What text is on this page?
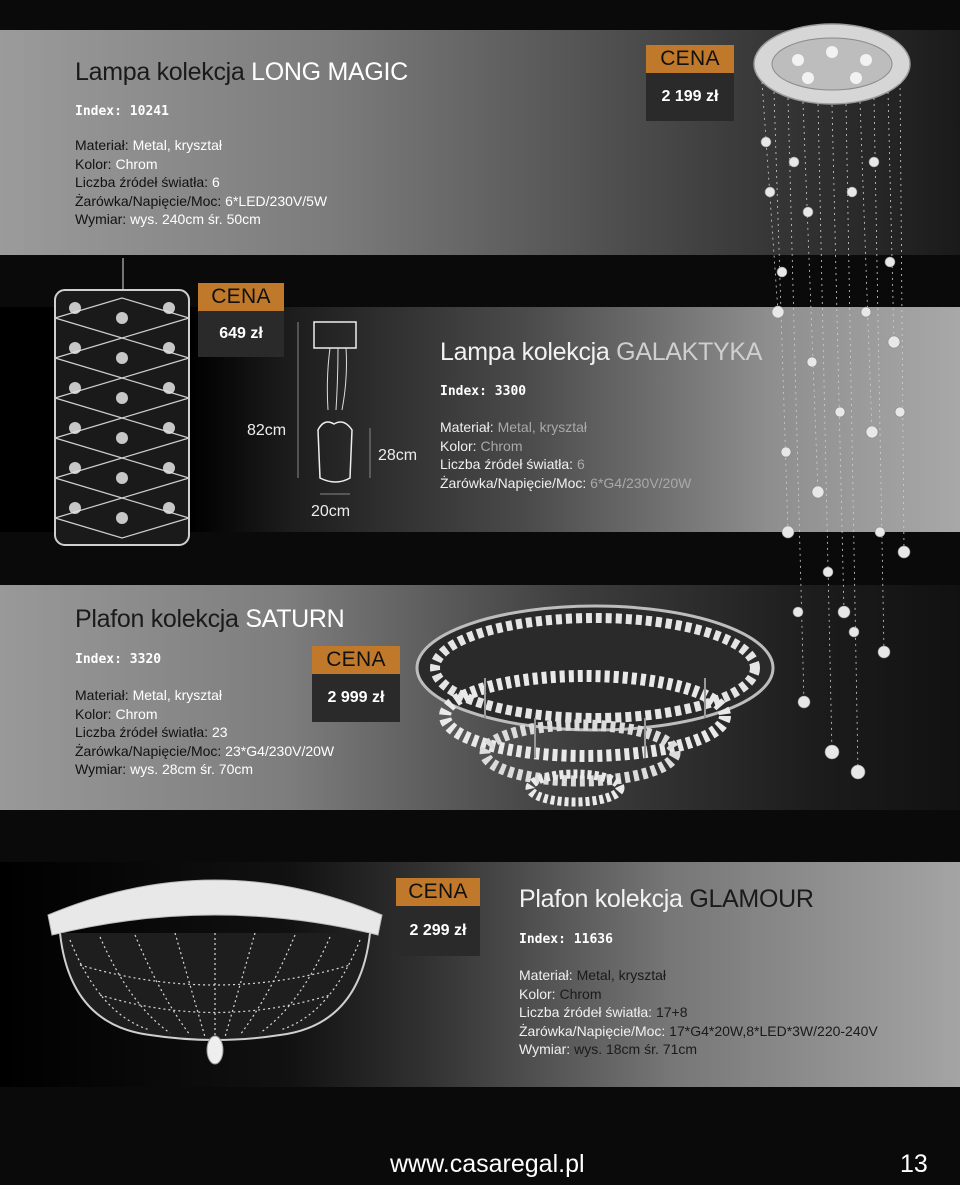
Lampa kolekcja LONG MAGIC
Index: 10241
Materiał: Metal, kryształ
Kolor: Chrom
Liczba źródeł światła: 6
Żarówka/Napięcie/Moc: 6*LED/230V/5W
Wymiar: wys. 240cm śr. 50cm
CENA
2 199 zł
Lampa kolekcja GALAKTYKA
Index: 3300
Materiał: Metal, kryształ
Kolor: Chrom
Liczba źródeł światła: 6
Żarówka/Napięcie/Moc: 6*G4/230V/20W
CENA
649 zł
82cm
28cm
20cm
Plafon kolekcja SATURN
Index: 3320
Materiał: Metal, kryształ
Kolor: Chrom
Liczba źródeł światła: 23
Żarówka/Napięcie/Moc: 23*G4/230V/20W
Wymiar: wys. 28cm śr. 70cm
CENA
2 999 zł
Plafon kolekcja GLAMOUR
Index: 11636
Materiał: Metal, kryształ
Kolor: Chrom
Liczba źródeł światła: 17+8
Żarówka/Napięcie/Moc: 17*G4*20W,8*LED*3W/220-240V
Wymiar: wys. 18cm śr. 71cm
CENA
2 299 zł
www.casaregal.pl	13
